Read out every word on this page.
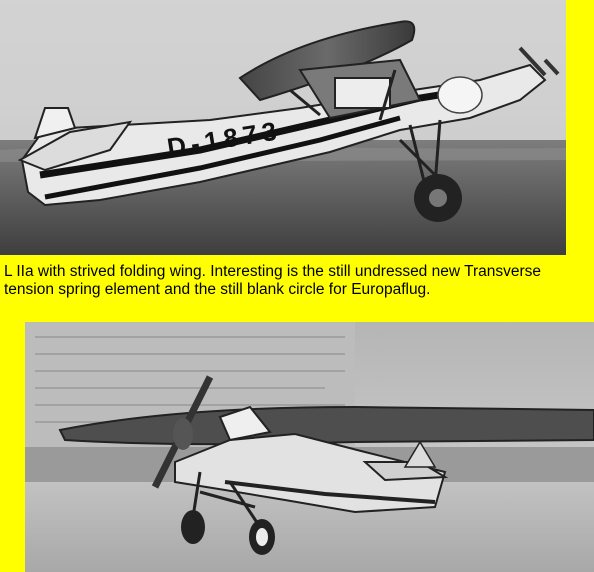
D-1873

L IIa with strived folding wing. Interesting is the still undressed new Transverse
tension spring element and the still blank circle for Europaflug.
